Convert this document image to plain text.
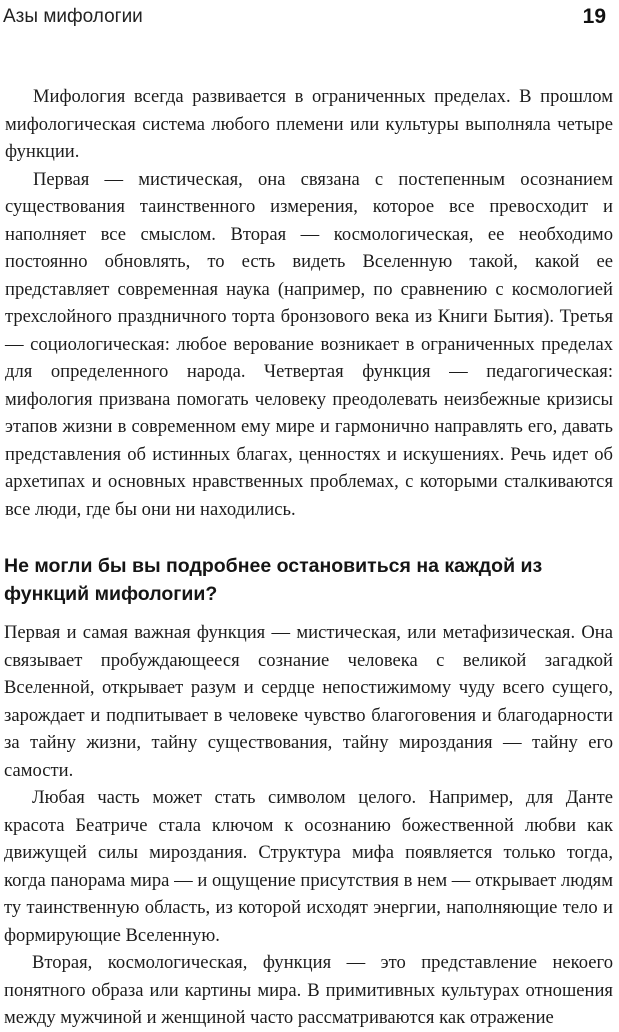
Азы мифологии	19

Мифология всегда развивается в ограниченных пределах. В прошлом мифологическая система любого племени или культуры выполняла четыре функции.

Первая — мистическая, она связана с постепенным осознанием существования таинственного измерения, которое все превосходит и наполняет все смыслом. Вторая — космологическая, ее необходимо постоянно обновлять, то есть видеть Вселенную такой, какой ее представляет современная наука (например, по сравнению с космологией трехслойного праздничного торта бронзового века из Книги Бытия). Третья — социологическая: любое верование возникает в ограниченных пределах для определенного народа. Четвертая функция — педагогическая: мифология призвана помогать человеку преодолевать неизбежные кризисы этапов жизни в современном ему мире и гармонично направлять его, давать представления об истинных благах, ценностях и искушениях. Речь идет об архетипах и основных нравственных проблемах, с которыми сталкиваются все люди, где бы они ни находились.

Не могли бы вы подробнее остановиться на каждой из функций мифологии?

Первая и самая важная функция — мистическая, или метафизическая. Она связывает пробуждающееся сознание человека с великой загадкой Вселенной, открывает разум и сердце непостижимому чуду всего сущего, зарождает и подпитывает в человеке чувство благоговения и благодарности за тайну жизни, тайну существования, тайну мироздания — тайну его самости.

Любая часть может стать символом целого. Например, для Данте красота Беатриче стала ключом к осознанию божественной любви как движущей силы мироздания. Структура мифа появляется только тогда, когда панорама мира — и ощущение присутствия в нем — открывает людям ту таинственную область, из которой исходят энергии, наполняющие тело и формирующие Вселенную.

Вторая, космологическая, функция — это представление некоего понятного образа или картины мира. В примитивных культурах отношения между мужчиной и женщиной часто рассматриваются как отражение
